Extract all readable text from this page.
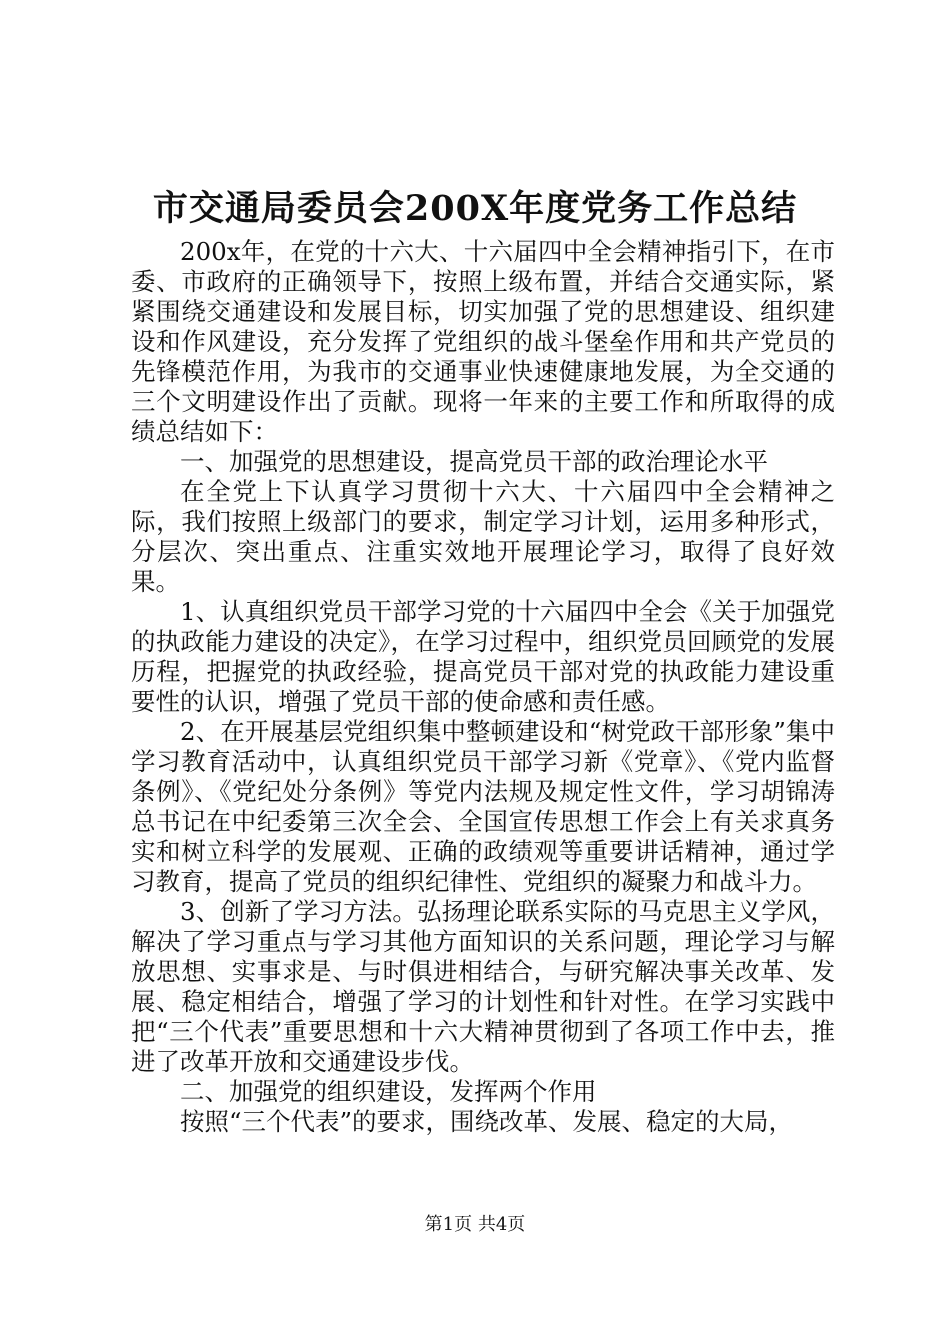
市交通局委员会200X年度党务工作总结

200x年，在党的十六大、十六届四中全会精神指引下，在市委、市政府的正确领导下，按照上级布置，并结合交通实际，紧紧围绕交通建设和发展目标，切实加强了党的思想建设、组织建设和作风建设，充分发挥了党组织的战斗堡垒作用和共产党员的先锋模范作用，为我市的交通事业快速健康地发展，为全交通的三个文明建设作出了贡献。现将一年来的主要工作和所取得的成绩总结如下：

一、加强党的思想建设，提高党员干部的政治理论水平

在全党上下认真学习贯彻十六大、十六届四中全会精神之际，我们按照上级部门的要求，制定学习计划，运用多种形式，分层次、突出重点、注重实效地开展理论学习，取得了良好效果。

1、认真组织党员干部学习党的十六届四中全会《关于加强党的执政能力建设的决定》，在学习过程中，组织党员回顾党的发展历程，把握党的执政经验，提高党员干部对党的执政能力建设重要性的认识，增强了党员干部的使命感和责任感。

2、在开展基层党组织集中整顿建设和“树党政干部形象”集中学习教育活动中，认真组织党员干部学习新《党章》、《党内监督条例》、《党纪处分条例》等党内法规及规定性文件，学习胡锦涛总书记在中纪委第三次全会、全国宣传思想工作会上有关求真务实和树立科学的发展观、正确的政绩观等重要讲话精神，通过学习教育，提高了党员的组织纪律性、党组织的凝聚力和战斗力。

3、创新了学习方法。弘扬理论联系实际的马克思主义学风，解决了学习重点与学习其他方面知识的关系问题，理论学习与解放思想、实事求是、与时俱进相结合，与研究解决事关改革、发展、稳定相结合，增强了学习的计划性和针对性。在学习实践中把“三个代表”重要思想和十六大精神贯彻到了各项工作中去，推进了改革开放和交通建设步伐。

二、加强党的组织建设，发挥两个作用

按照“三个代表”的要求，围绕改革、发展、稳定的大局，

第1页 共4页
